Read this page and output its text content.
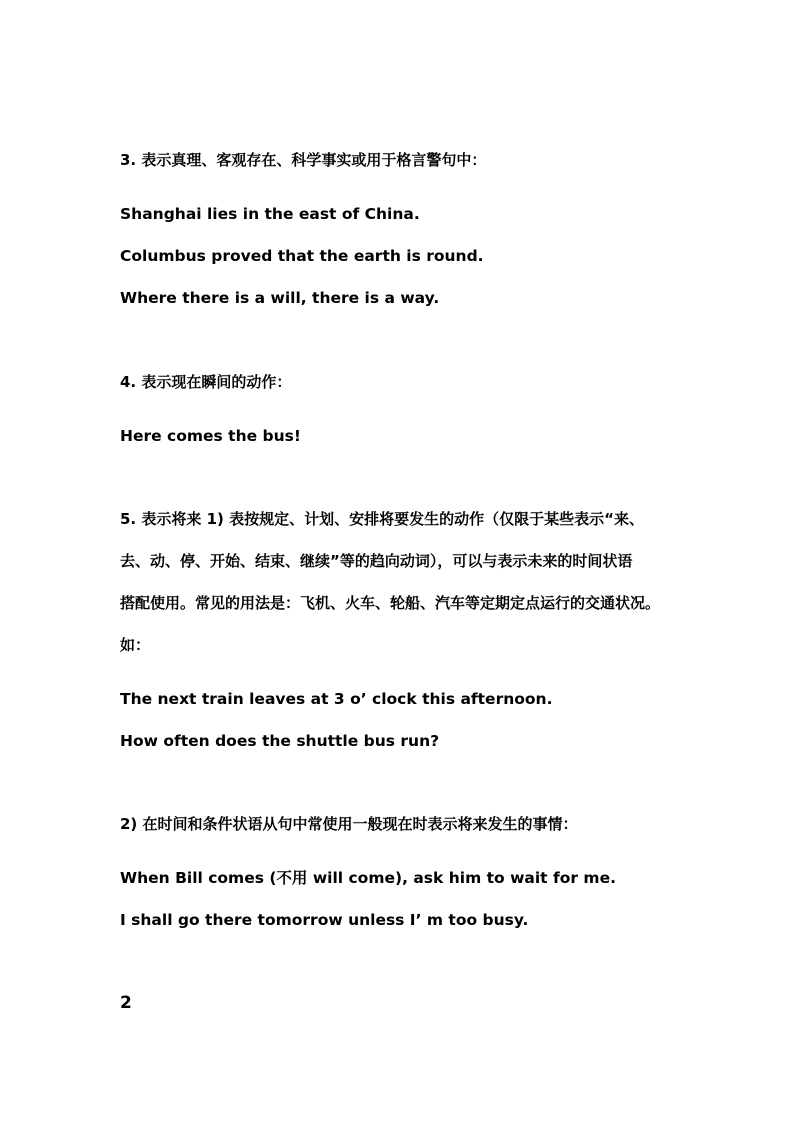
3. 表示真理、客观存在、科学事实或用于格言警句中：
Shanghai lies in the east of China.
Columbus proved that the earth is round.
Where there is a will, there is a way.
4. 表示现在瞬间的动作：
Here comes the bus!
5. 表示将来 1) 表按规定、计划、安排将要发生的动作（仅限于某些表示“来、
去、动、停、开始、结束、继续”等的趋向动词），可以与表示未来的时间状语
搭配使用。常见的用法是：飞机、火车、轮船、汽车等定期定点运行的交通状况。
如：
The next train leaves at 3 o’ clock this afternoon.
How often does the shuttle bus run?
2) 在时间和条件状语从句中常使用一般现在时表示将来发生的事情：
When Bill comes (不用 will come), ask him to wait for me.
I shall go there tomorrow unless I’ m too busy.
2
